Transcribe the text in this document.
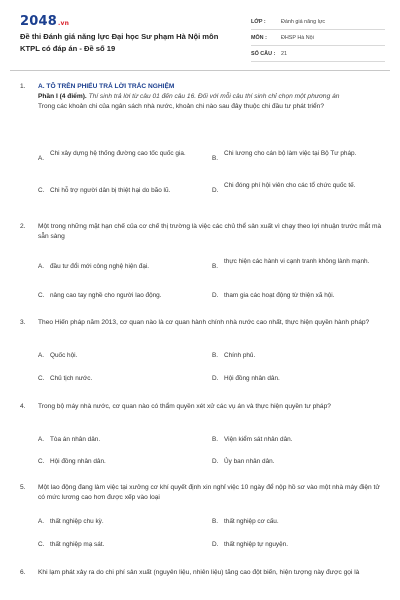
2048.vn
Đề thi Đánh giá năng lực Đại học Sư phạm Hà Nội môn KTPL có đáp án - Đề số 19
LỚP :	Đánh giá năng lực
MÔN :	ĐHSP Hà Nội
SỐ CÂU :	21
1. A. TÔ TRÊN PHIẾU TRẢ LỜI TRẮC NGHIỆM
Phần I (4 điểm). Thí sinh trả lời từ câu 01 đến câu 16. Đối với mỗi câu thí sinh chỉ chọn một phương án
Trong các khoản chi của ngân sách nhà nước, khoản chi nào sau đây thuộc chi đầu tư phát triển?
A.
Chi xây dựng hệ thống đường cao tốc quốc gia.
B.
Chi lương cho cán bộ làm việc tại Bộ Tư pháp.
C. Chi hỗ trợ người dân bị thiệt hại do bão lũ.	D.
Chi đóng phí hội viên cho các tổ chức quốc tế.
2. Một trong những mặt hạn chế của cơ chế thị trường là việc các chủ thể sản xuất vì chạy theo lợi nhuận trước mắt mà sẵn sàng
A. đầu tư đổi mới công nghệ hiện đại.	B.
thực hiện các hành vi cạnh tranh không lành mạnh.
C. nâng cao tay nghề cho người lao động.	D. tham gia các hoạt động từ thiện xã hội.
3. Theo Hiến pháp năm 2013, cơ quan nào là cơ quan hành chính nhà nước cao nhất, thực hiện quyền hành pháp?
A. Quốc hội.	B. Chính phủ.
C. Chủ tịch nước.	D. Hội đồng nhân dân.
4. Trong bộ máy nhà nước, cơ quan nào có thẩm quyền xét xử các vụ án và thực hiện quyền tư pháp?
A. Tòa án nhân dân.	B. Viện kiểm sát nhân dân.
C. Hội đồng nhân dân.	D. Ủy ban nhân dân.
5. Một lao động đang làm việc tại xưởng cơ khí quyết định xin nghỉ việc 10 ngày để nộp hồ sơ vào một nhà máy điện tử có mức lương cao hơn được xếp vào loại
A. thất nghiệp chu kỳ.	B. thất nghiệp cơ cấu.
C. thất nghiệp mạ sát.	D. thất nghiệp tự nguyện.
6. Khi lạm phát xảy ra do chi phí sản xuất (nguyên liệu, nhiên liệu) tăng cao đột biến, hiện tượng này được gọi là
